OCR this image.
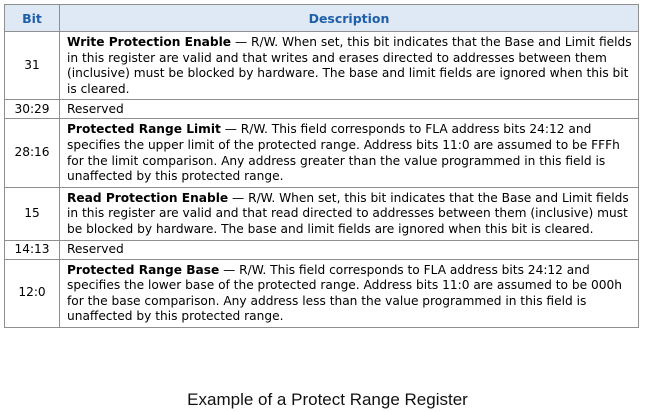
Bit	Description
31	Write Protection Enable — R/W. When set, this bit indicates that the Base and Limit fields in this register are valid and that writes and erases directed to addresses between them (inclusive) must be blocked by hardware. The base and limit fields are ignored when this bit is cleared.
30:29	Reserved
28:16	Protected Range Limit — R/W. This field corresponds to FLA address bits 24:12 and specifies the upper limit of the protected range. Address bits 11:0 are assumed to be FFFh for the limit comparison. Any address greater than the value programmed in this field is unaffected by this protected range.
15	Read Protection Enable — R/W. When set, this bit indicates that the Base and Limit fields in this register are valid and that read directed to addresses between them (inclusive) must be blocked by hardware. The base and limit fields are ignored when this bit is cleared.
14:13	Reserved
12:0	Protected Range Base — R/W. This field corresponds to FLA address bits 24:12 and specifies the lower base of the protected range. Address bits 11:0 are assumed to be 000h for the base comparison. Any address less than the value programmed in this field is unaffected by this protected range.
Example of a Protect Range Register
